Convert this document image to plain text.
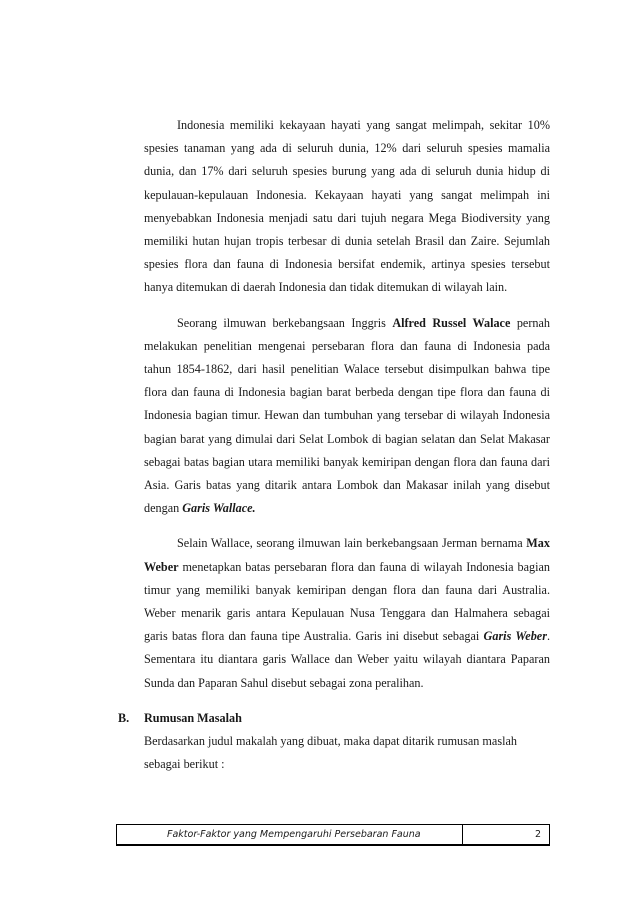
Indonesia memiliki kekayaan hayati yang sangat melimpah, sekitar 10% spesies tanaman yang ada di seluruh dunia, 12% dari seluruh spesies mamalia dunia, dan 17% dari seluruh spesies burung yang ada di seluruh dunia hidup di kepulauan-kepulauan Indonesia. Kekayaan hayati yang sangat melimpah ini menyebabkan Indonesia menjadi satu dari tujuh negara Mega Biodiversity yang memiliki hutan hujan tropis terbesar di dunia setelah Brasil dan Zaire. Sejumlah spesies flora dan fauna di Indonesia bersifat endemik, artinya spesies tersebut hanya ditemukan di daerah Indonesia dan tidak ditemukan di wilayah lain.

Seorang ilmuwan berkebangsaan Inggris Alfred Russel Walace pernah melakukan penelitian mengenai persebaran flora dan fauna di Indonesia pada tahun 1854-1862, dari hasil penelitian Walace tersebut disimpulkan bahwa tipe flora dan fauna di Indonesia bagian barat berbeda dengan tipe flora dan fauna di Indonesia bagian timur. Hewan dan tumbuhan yang tersebar di wilayah Indonesia bagian barat yang dimulai dari Selat Lombok di bagian selatan dan Selat Makasar sebagai batas bagian utara memiliki banyak kemiripan dengan flora dan fauna dari Asia. Garis batas yang ditarik antara Lombok dan Makasar inilah yang disebut dengan Garis Wallace.

Selain Wallace, seorang ilmuwan lain berkebangsaan Jerman bernama Max Weber menetapkan batas persebaran flora dan fauna di wilayah Indonesia bagian timur yang memiliki banyak kemiripan dengan flora dan fauna dari Australia. Weber menarik garis antara Kepulauan Nusa Tenggara dan Halmahera sebagai garis batas flora dan fauna tipe Australia. Garis ini disebut sebagai Garis Weber. Sementara itu diantara garis Wallace dan Weber yaitu wilayah diantara Paparan Sunda dan Paparan Sahul disebut sebagai zona peralihan.

B. Rumusan Masalah

Berdasarkan judul makalah yang dibuat, maka dapat ditarik rumusan maslah sebagai berikut :

Faktor-Faktor yang Mempengaruhi Persebaran Fauna	2
